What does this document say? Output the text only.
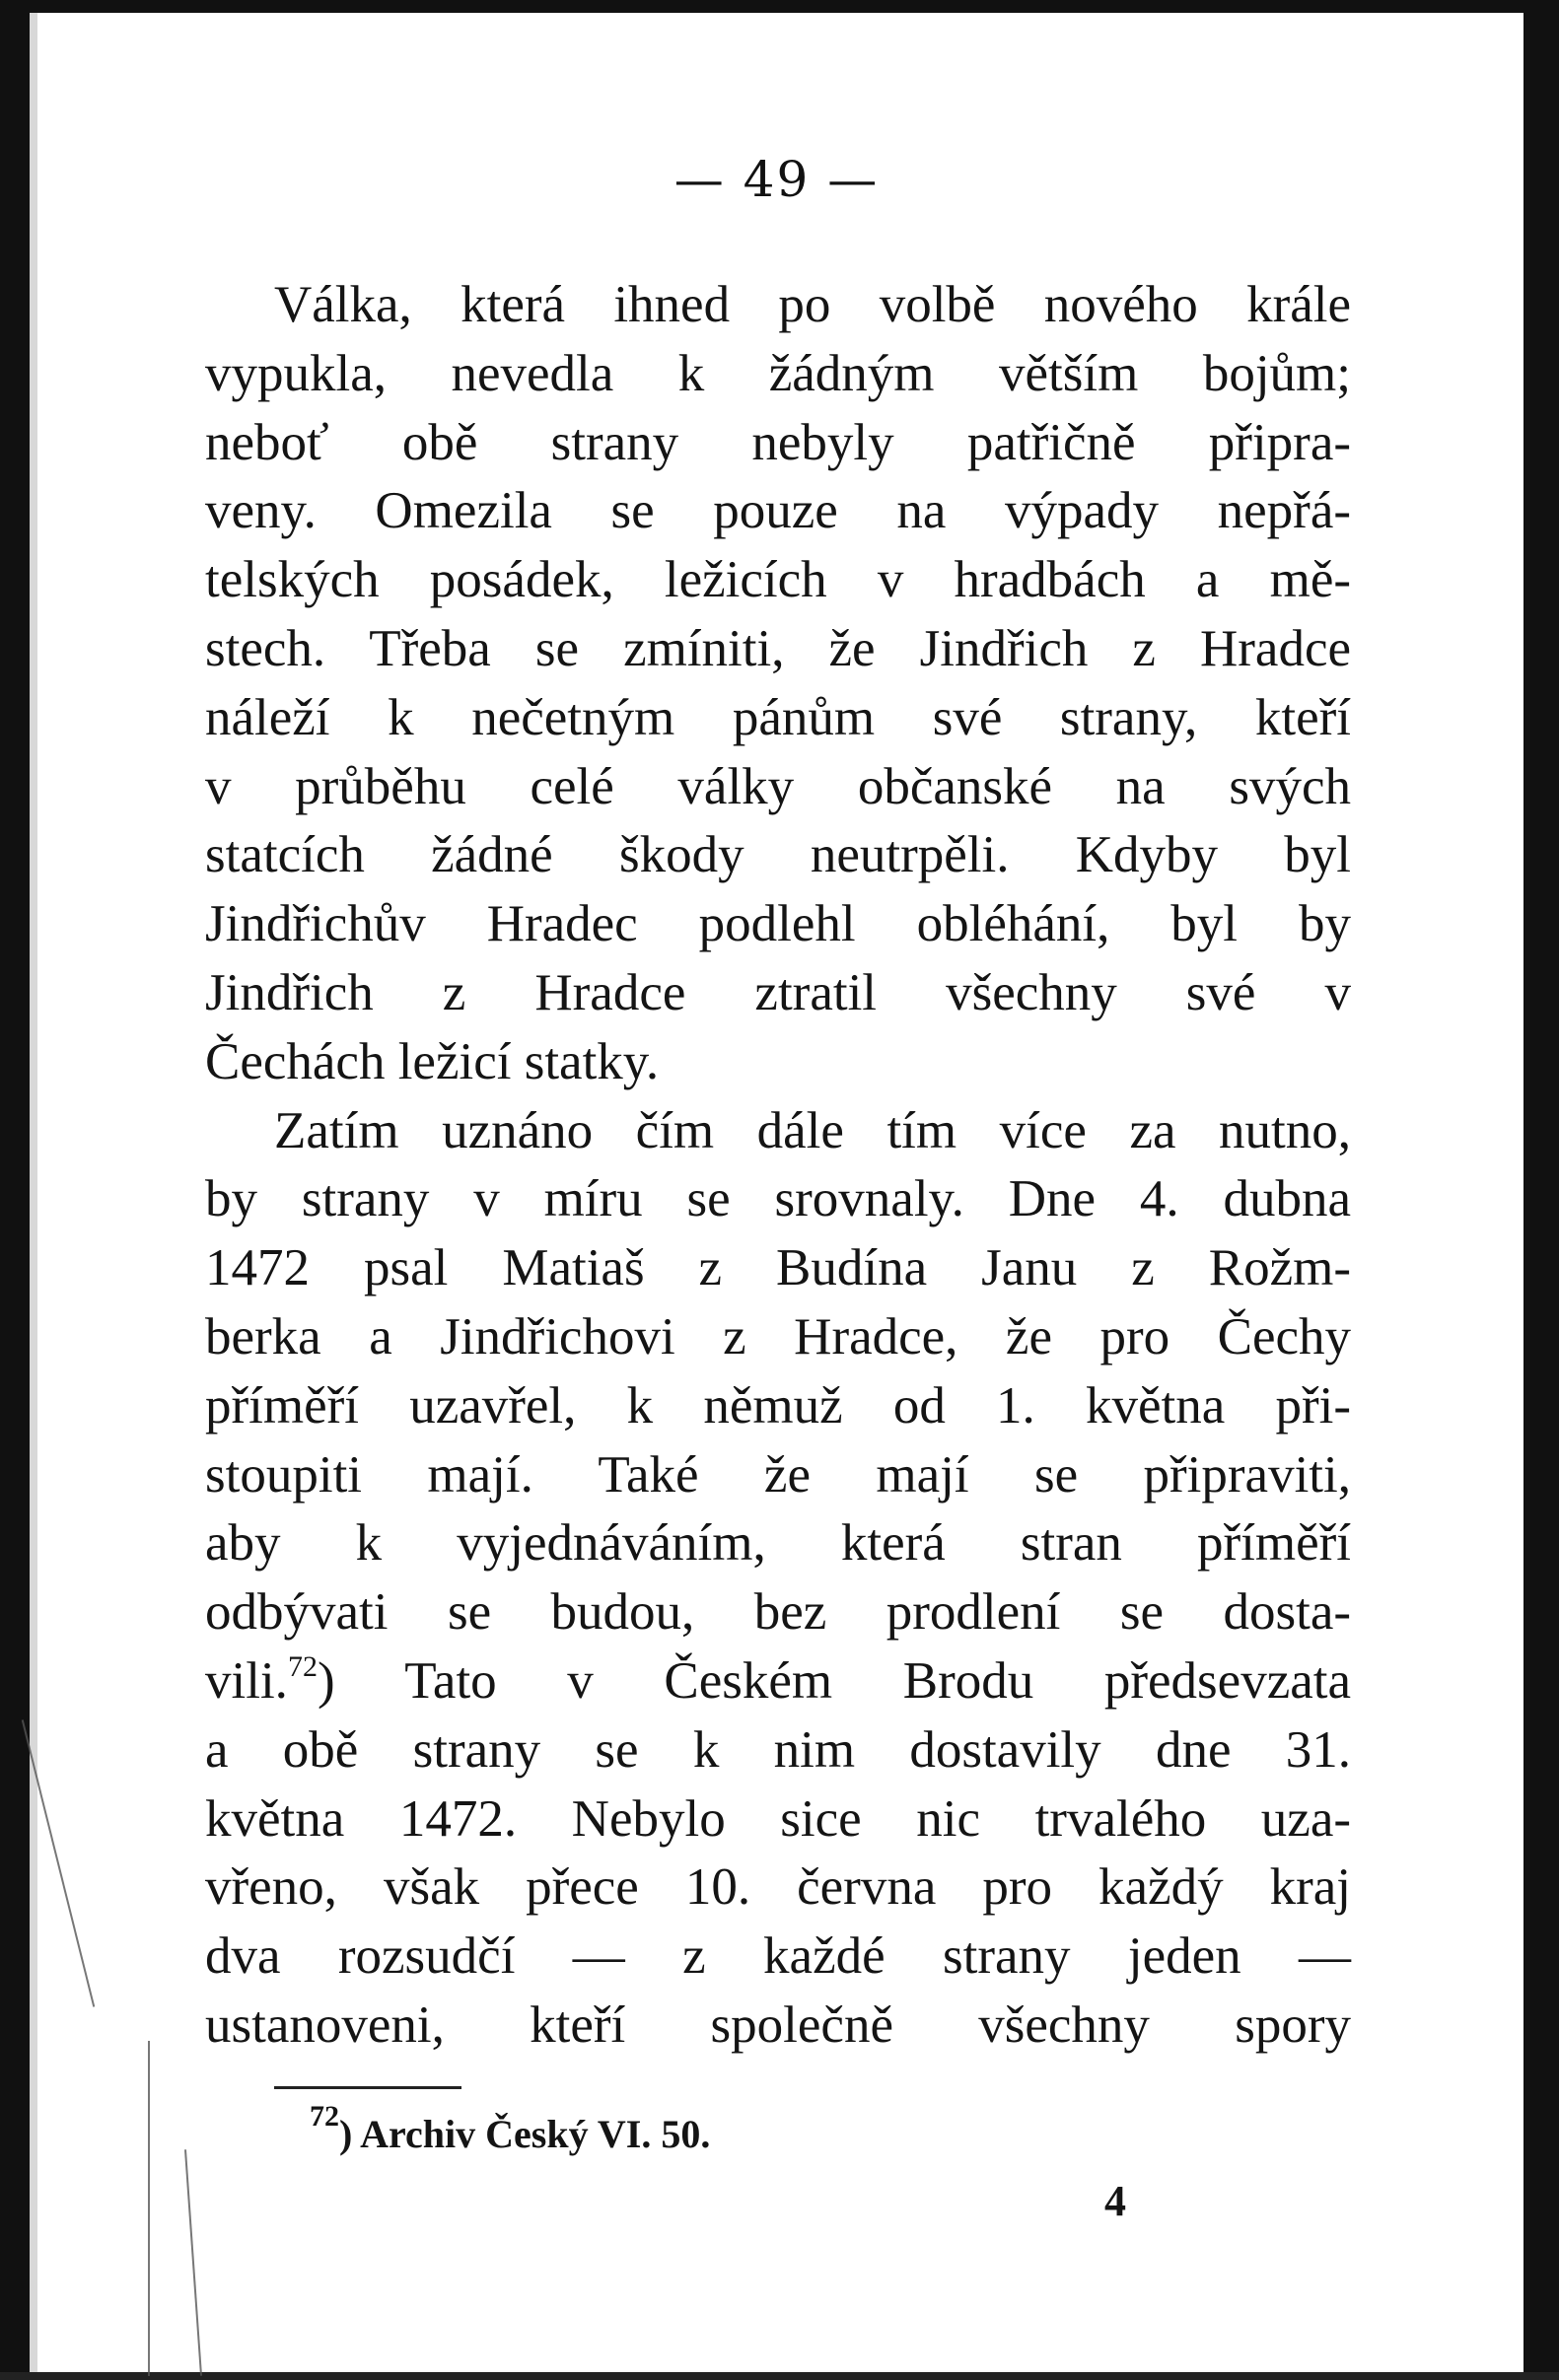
— 49 —
Válka, která ihned po volbě nového krále
vypukla, nevedla k žádným větším bojům;
neboť obě strany nebyly patřičně připra-
veny. Omezila se pouze na výpady nepřá-
telských posádek, ležicích v hradbách a mě-
stech. Třeba se zmíniti, že Jindřich z Hradce
náleží k nečetným pánům své strany, kteří
v průběhu celé války občanské na svých
statcích žádné škody neutrpěli. Kdyby byl
Jindřichův Hradec podlehl obléhání, byl by
Jindřich z Hradce ztratil všechny své v
Čechách ležicí statky.
Zatím uznáno čím dále tím více za nutno,
by strany v míru se srovnaly. Dne 4. dubna
1472 psal Matiaš z Budína Janu z Rožm-
berka a Jindřichovi z Hradce, že pro Čechy
příměří uzavřel, k němuž od 1. května při-
stoupiti mají. Také že mají se připraviti,
aby k vyjednáváním, která stran příměří
odbývati se budou, bez prodlení se dosta-
vili.$^{72}$) Tato v Českém Brodu předsevzata
a obě strany se k nim dostavily dne 31.
května 1472. Nebylo sice nic trvalého uza-
vřeno, však přece 10. června pro každý kraj
dva rozsudčí — z každé strany jeden —
ustanoveni, kteří společně všechny spory
$^{72}$) Archiv Český VI. 50.
4
